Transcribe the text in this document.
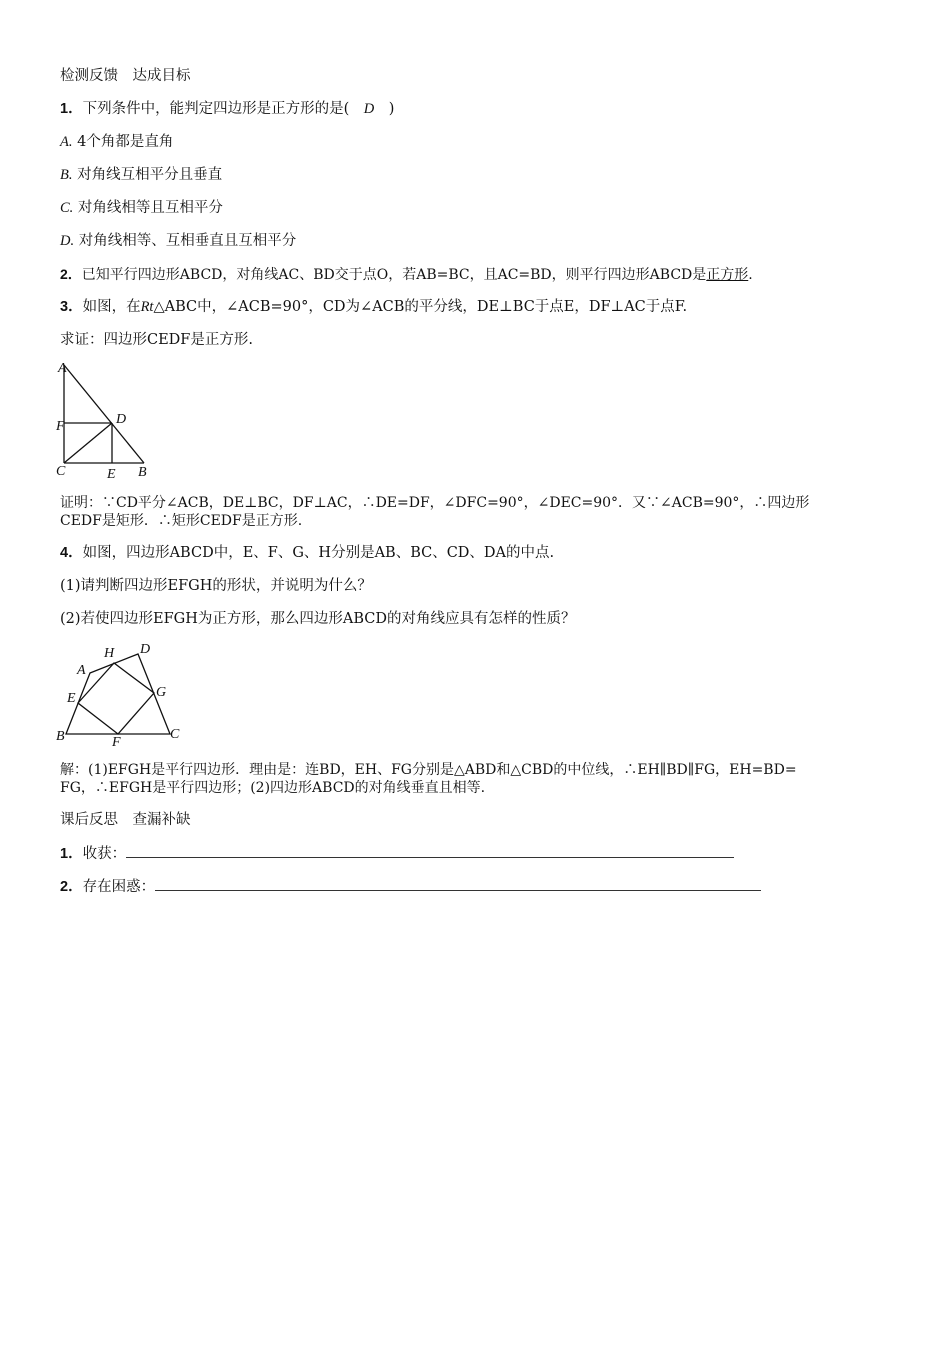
检测反馈　达成目标
1．下列条件中，能判定四边形是正方形的是(　D　)
A. 4个角都是直角
B. 对角线互相平分且垂直
C. 对角线相等且互相平分
D. 对角线相等、互相垂直且互相平分
2．已知平行四边形ABCD，对角线AC、BD交于点O，若AB=BC，且AC=BD，则平行四边形ABCD是正方形.
3．如图，在Rt△ABC中，∠ACB=90°，CD为∠ACB的平分线，DE⊥BC于点E，DF⊥AC于点F.
求证：四边形CEDF是正方形.
A
D
F
C	E B
证明：∵CD平分∠ACB，DE⊥BC，DF⊥AC，∴DE=DF，∠DFC=90°，∠DEC=90°．又∵∠ACB=90°，∴四边形
CEDF是矩形．∴矩形CEDF是正方形.
4．如图，四边形ABCD中，E、F、G、H分别是AB、BC、CD、DA的中点.
(1)请判断四边形EFGH的形状，并说明为什么？
(2)若使四边形EFGH为正方形，那么四边形ABCD的对角线应具有怎样的性质？
A
H D
E	G
B	F
C
解：(1)EFGH是平行四边形．理由是：连BD，EH、FG分别是△ABD和△CBD的中位线，∴EH∥BD∥FG，EH=BD=
FG，∴EFGH是平行四边形；(2)四边形ABCD的对角线垂直且相等.
课后反思　查漏补缺
1．收获：
2．存在困惑：
